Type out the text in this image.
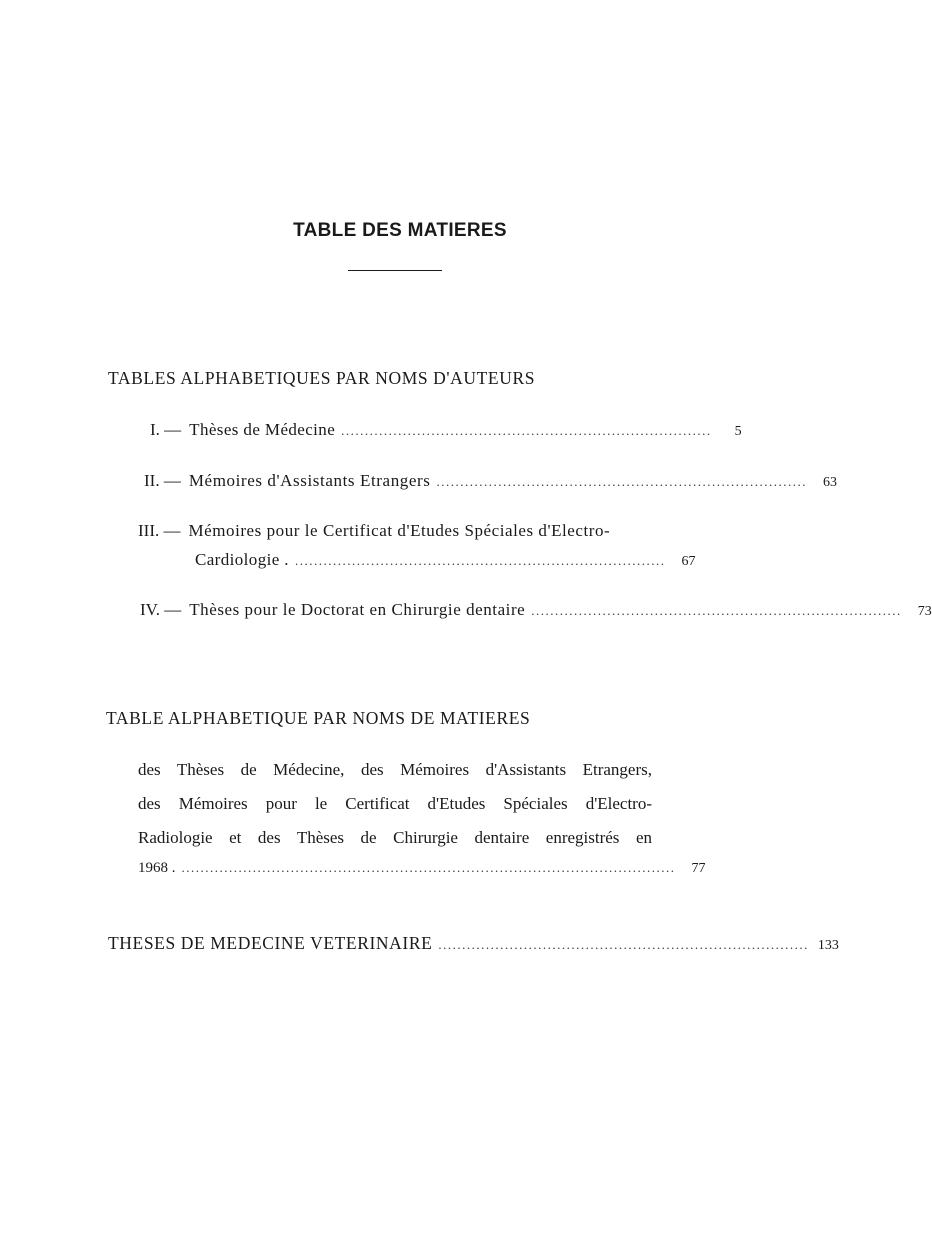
TABLE DES MATIERES
TABLES ALPHABETIQUES PAR NOMS D'AUTEURS
I. — Thèses de Médecine ..............................................................................	5
II. — Mémoires d'Assistants Etrangers ..............................................................................	63
III. — Mémoires pour le Certificat d'Etudes Spéciales d'Electro-
Cardiologie . ..............................................................................	67
IV. — Thèses pour le Doctorat en Chirurgie dentaire ..............................................................................	73
TABLE ALPHABETIQUE PAR NOMS DE MATIERES
des Thèses de Médecine, des Mémoires d'Assistants Etrangers,
des Mémoires pour le Certificat d'Etudes Spéciales d'Electro-
Radiologie et des Thèses de Chirurgie dentaire enregistrés en
1968 . ........................................................................................................	77
THESES DE MEDECINE VETERINAIRE .............................................................................. 133
